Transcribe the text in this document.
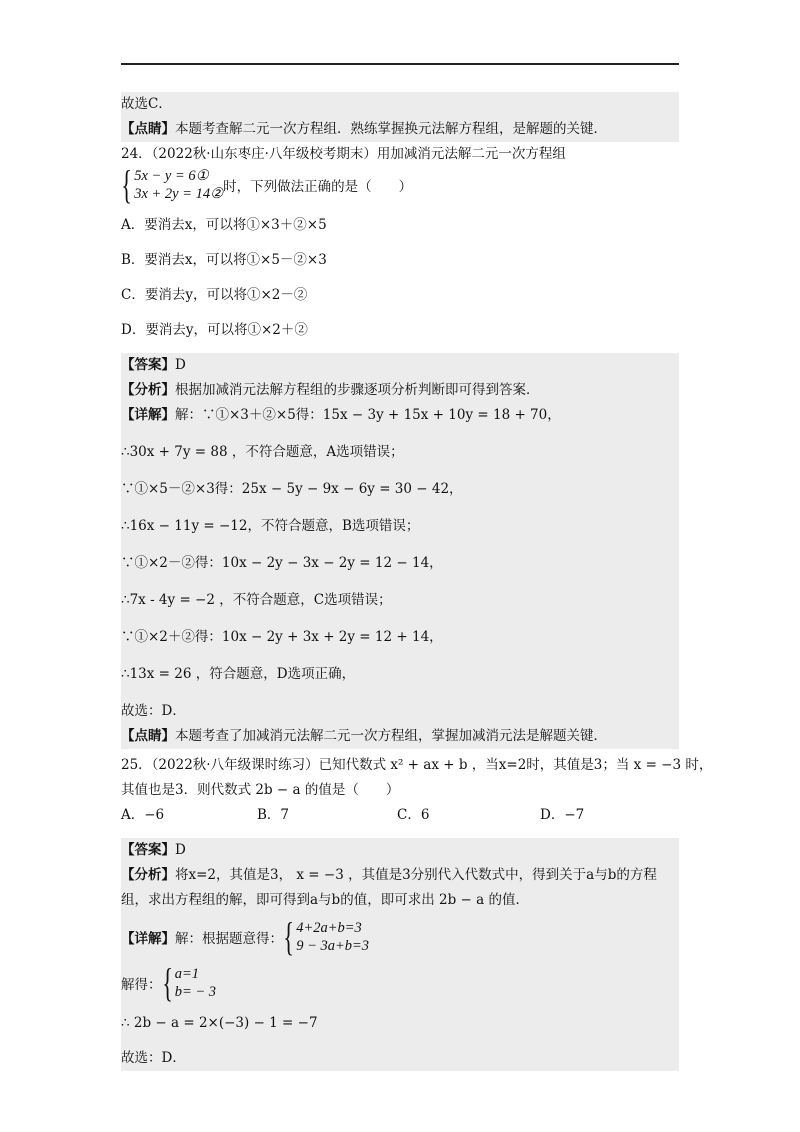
故选C．
【点睛】本题考查解二元一次方程组．熟练掌握换元法解方程组，是解题的关键．
24．（2022秋·山东枣庄·八年级校考期末）用加减消元法解二元一次方程组
{ 5x − y = 6①
3x + 2y = 14② 时，下列做法正确的是（　　）
A．要消去x，可以将①×3＋②×5
B．要消去x，可以将①×5－②×3
C．要消去y，可以将①×2－②
D．要消去y，可以将①×2＋②
【答案】D
【分析】根据加减消元法解方程组的步骤逐项分析判断即可得到答案．
【详解】解：∵①×3＋②×5得：15x − 3y + 15x + 10y = 18 + 70，
∴30x + 7y = 88 ，不符合题意，A选项错误；
∵①×5－②×3得：25x − 5y − 9x − 6y = 30 − 42，
∴16x − 11y = −12，不符合题意，B选项错误；
∵①×2－②得：10x − 2y − 3x − 2y = 12 − 14，
∴7x - 4y = −2 ，不符合题意，C选项错误；
∵①×2＋②得：10x − 2y + 3x + 2y = 12 + 14，
∴13x = 26 ，符合题意，D选项正确，
故选：D．
【点睛】本题考查了加减消元法解二元一次方程组，掌握加减消元法是解题关键．
25．（2022秋·八年级课时练习）已知代数式 x² + ax + b ，当x=2时，其值是3；当 x = −3 时，
其值也是3．则代数式 2b − a 的值是（　　）
A．−6	B．7	C．6	D．−7
【答案】D
【分析】将x=2，其值是3， x = −3 ，其值是3分别代入代数式中，得到关于a与b的方程
组，求出方程组的解，即可得到a与b的值，即可求出 2b − a 的值．
【详解】 解：根据题意得： { 4+2a+b=3
9 − 3a+b=3
解得： { a=1
b= − 3
∴ 2b − a = 2×(−3) − 1 = −7
故选：D．
